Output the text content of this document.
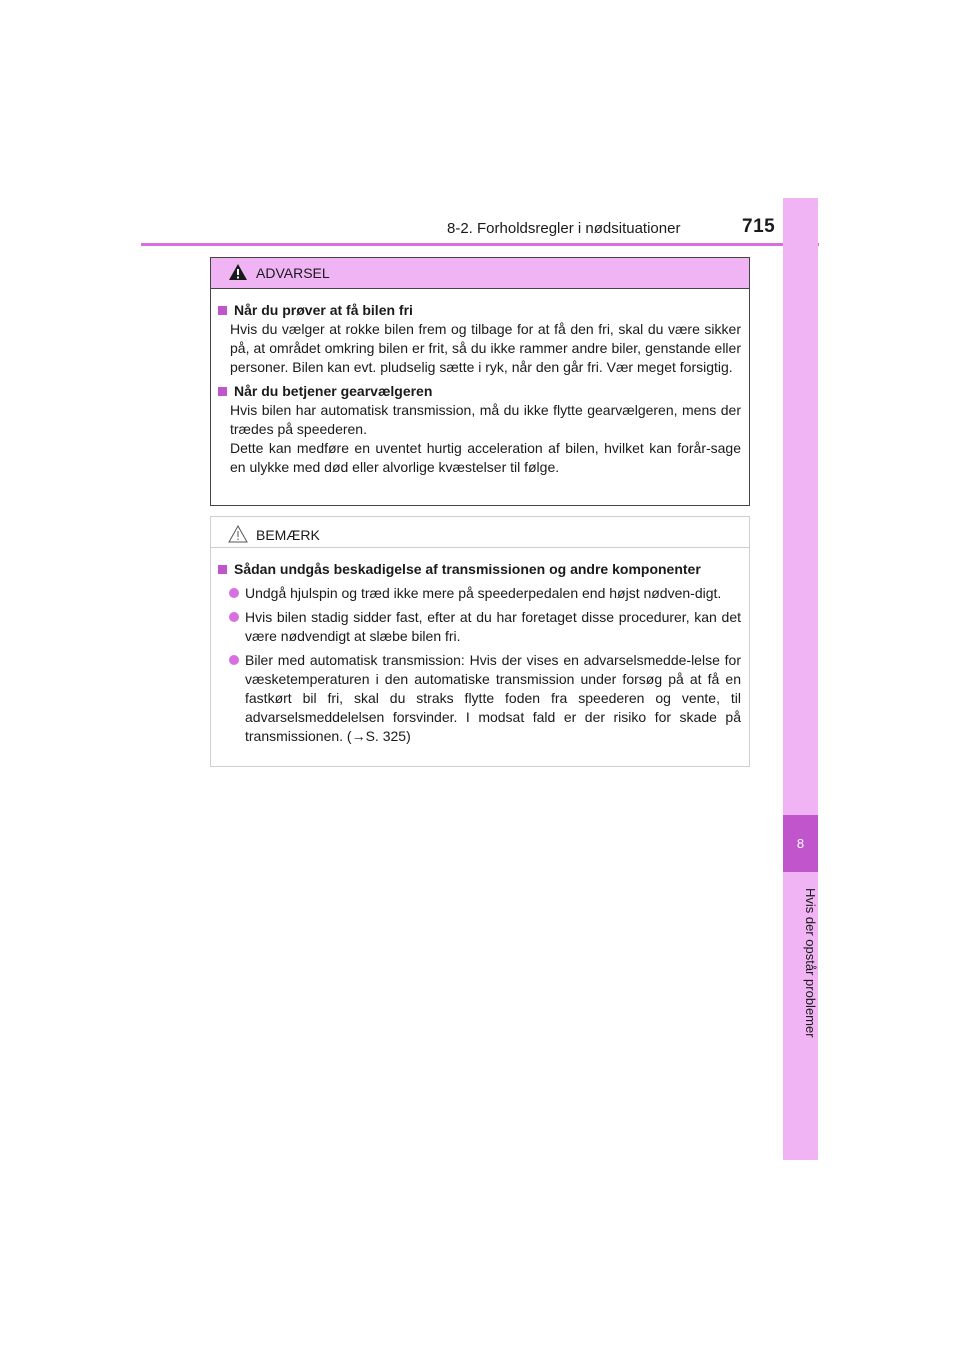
8-2. Forholdsregler i nødsituationer	715
8
Hvis der opstår problemer
ADVARSEL
Når du prøver at få bilen fri
Hvis du vælger at rokke bilen frem og tilbage for at få den fri, skal du være sikker på, at området omkring bilen er frit, så du ikke rammer andre biler, genstande eller personer. Bilen kan evt. pludselig sætte i ryk, når den går fri. Vær meget forsigtig.
Når du betjener gearvælgeren
Hvis bilen har automatisk transmission, må du ikke flytte gearvælgeren, mens der trædes på speederen.
Dette kan medføre en uventet hurtig acceleration af bilen, hvilket kan forår-sage en ulykke med død eller alvorlige kvæstelser til følge.
BEMÆRK
Sådan undgås beskadigelse af transmissionen og andre komponenter
Undgå hjulspin og træd ikke mere på speederpedalen end højst nødven-digt.
Hvis bilen stadig sidder fast, efter at du har foretaget disse procedurer, kan det være nødvendigt at slæbe bilen fri.
Biler med automatisk transmission: Hvis der vises en advarselsmedde-lelse for væsketemperaturen i den automatiske transmission under forsøg på at få en fastkørt bil fri, skal du straks flytte foden fra speederen og vente, til advarselsmeddelelsen forsvinder. I modsat fald er der risiko for skade på transmissionen. (→S. 325)
